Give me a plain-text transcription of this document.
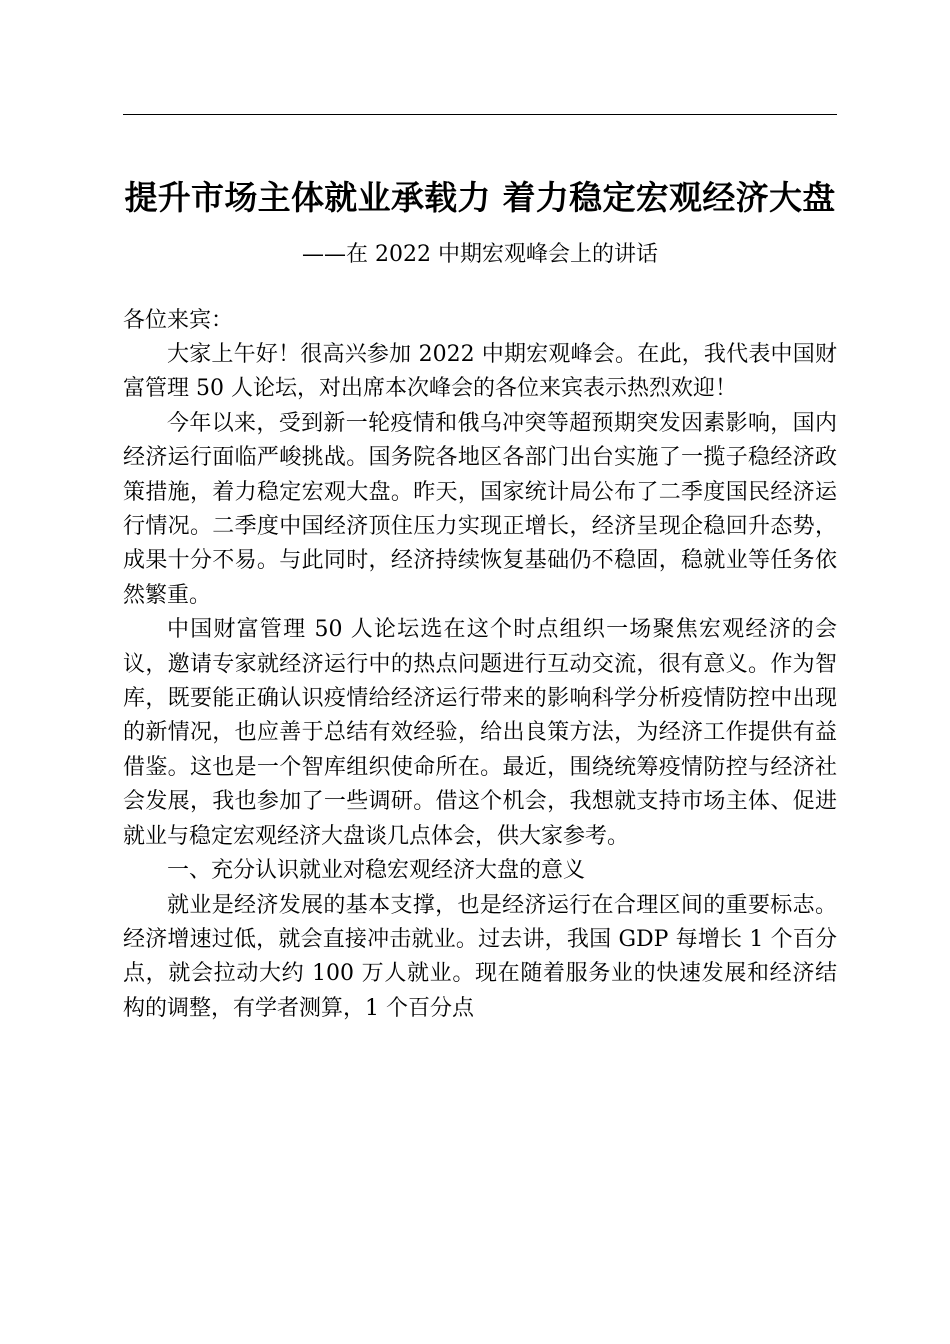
提升市场主体就业承载力 着力稳定宏观经济大盘

——在 2022 中期宏观峰会上的讲话

各位来宾：

大家上午好！很高兴参加 2022 中期宏观峰会。在此，我代表中国财富管理 50 人论坛，对出席本次峰会的各位来宾表示热烈欢迎！

今年以来，受到新一轮疫情和俄乌冲突等超预期突发因素影响，国内经济运行面临严峻挑战。国务院各地区各部门出台实施了一揽子稳经济政策措施，着力稳定宏观大盘。昨天，国家统计局公布了二季度国民经济运行情况。二季度中国经济顶住压力实现正增长，经济呈现企稳回升态势，成果十分不易。与此同时，经济持续恢复基础仍不稳固，稳就业等任务依然繁重。

中国财富管理 50 人论坛选在这个时点组织一场聚焦宏观经济的会议，邀请专家就经济运行中的热点问题进行互动交流，很有意义。作为智库，既要能正确认识疫情给经济运行带来的影响科学分析疫情防控中出现的新情况，也应善于总结有效经验，给出良策方法，为经济工作提供有益借鉴。这也是一个智库组织使命所在。最近，围绕统筹疫情防控与经济社会发展，我也参加了一些调研。借这个机会，我想就支持市场主体、促进就业与稳定宏观经济大盘谈几点体会，供大家参考。

一、充分认识就业对稳宏观经济大盘的意义

就业是经济发展的基本支撑，也是经济运行在合理区间的重要标志。经济增速过低，就会直接冲击就业。过去讲，我国 GDP 每增长 1 个百分点，就会拉动大约 100 万人就业。现在随着服务业的快速发展和经济结构的调整，有学者测算，1 个百分点
